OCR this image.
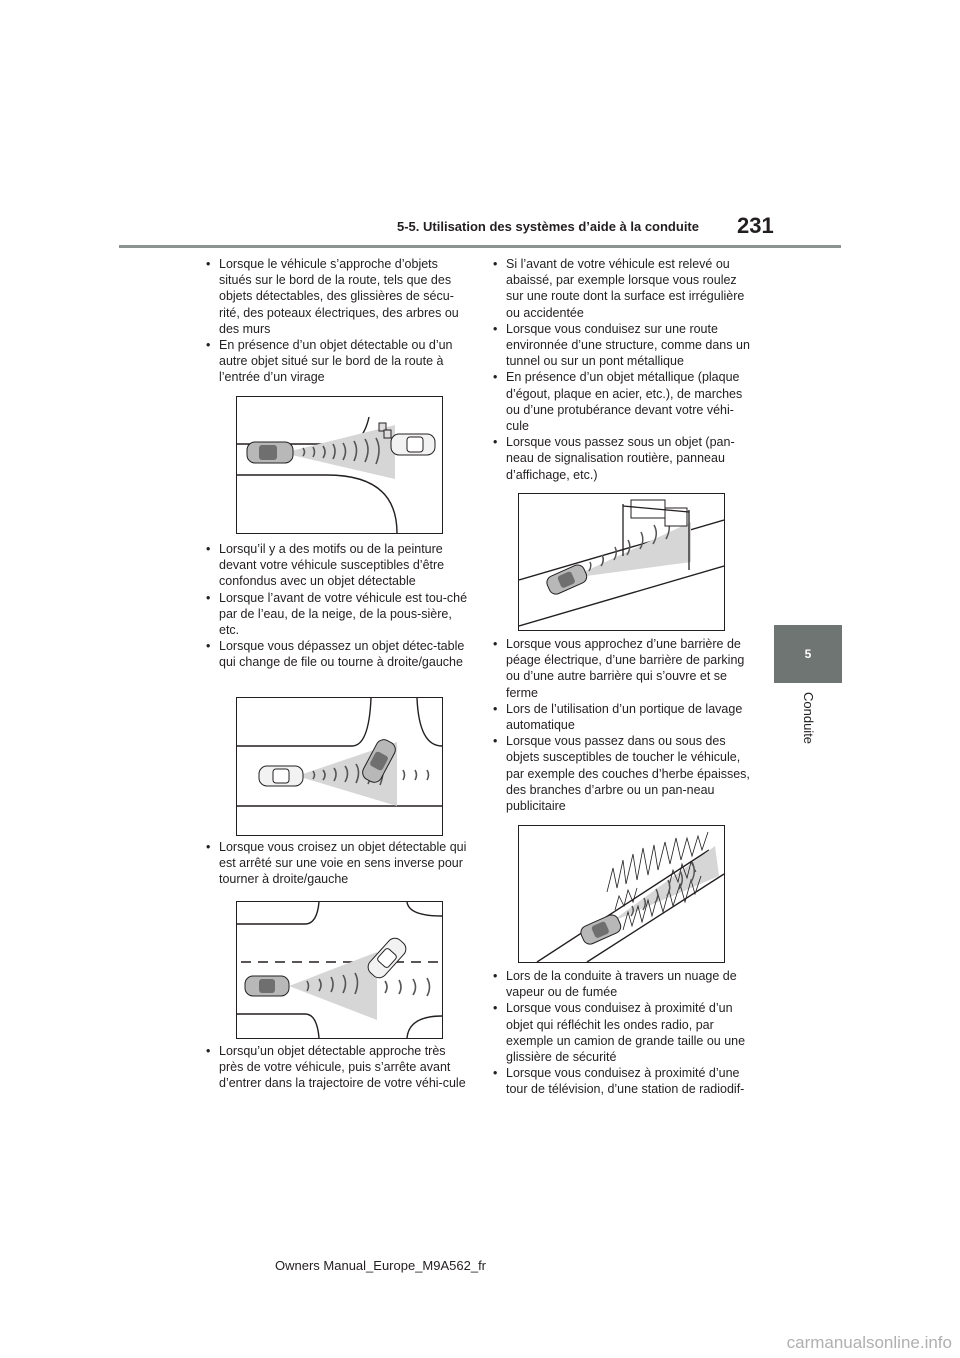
5-5. Utilisation des systèmes d’aide à la conduite 231
5
Conduite
• Lorsque le véhicule s’approche d’objets situés sur le bord de la route, tels que des objets détectables, des glissières de sécu-rité, des poteaux électriques, des arbres ou des murs
• En présence d’un objet détectable ou d’un autre objet situé sur le bord de la route à l’entrée d’un virage
• Lorsqu’il y a des motifs ou de la peinture devant votre véhicule susceptibles d’être confondus avec un objet détectable
• Lorsque l’avant de votre véhicule est tou-ché par de l’eau, de la neige, de la pous-sière, etc.
• Lorsque vous dépassez un objet détec-table qui change de file ou tourne à droite/gauche
• Lorsque vous croisez un objet détectable qui est arrêté sur une voie en sens inverse pour tourner à droite/gauche
• Lorsqu’un objet détectable approche très près de votre véhicule, puis s’arrête avant d’entrer dans la trajectoire de votre véhi-cule
• Si l’avant de votre véhicule est relevé ou abaissé, par exemple lorsque vous roulez sur une route dont la surface est irrégulière ou accidentée
• Lorsque vous conduisez sur une route environnée d’une structure, comme dans un tunnel ou sur un pont métallique
• En présence d’un objet métallique (plaque d’égout, plaque en acier, etc.), de marches ou d’une protubérance devant votre véhi-cule
• Lorsque vous passez sous un objet (pan-neau de signalisation routière, panneau d’affichage, etc.)
• Lorsque vous approchez d’une barrière de péage électrique, d’une barrière de parking ou d’une autre barrière qui s’ouvre et se ferme
• Lors de l’utilisation d’un portique de lavage automatique
• Lorsque vous passez dans ou sous des objets susceptibles de toucher le véhicule, par exemple des couches d’herbe épaisses, des branches d’arbre ou un pan-neau publicitaire
• Lors de la conduite à travers un nuage de vapeur ou de fumée
• Lorsque vous conduisez à proximité d’un objet qui réfléchit les ondes radio, par exemple un camion de grande taille ou une glissière de sécurité
• Lorsque vous conduisez à proximité d’une tour de télévision, d’une station de radiodif-
Owners Manual_Europe_M9A562_fr
carmanualsonline.info
